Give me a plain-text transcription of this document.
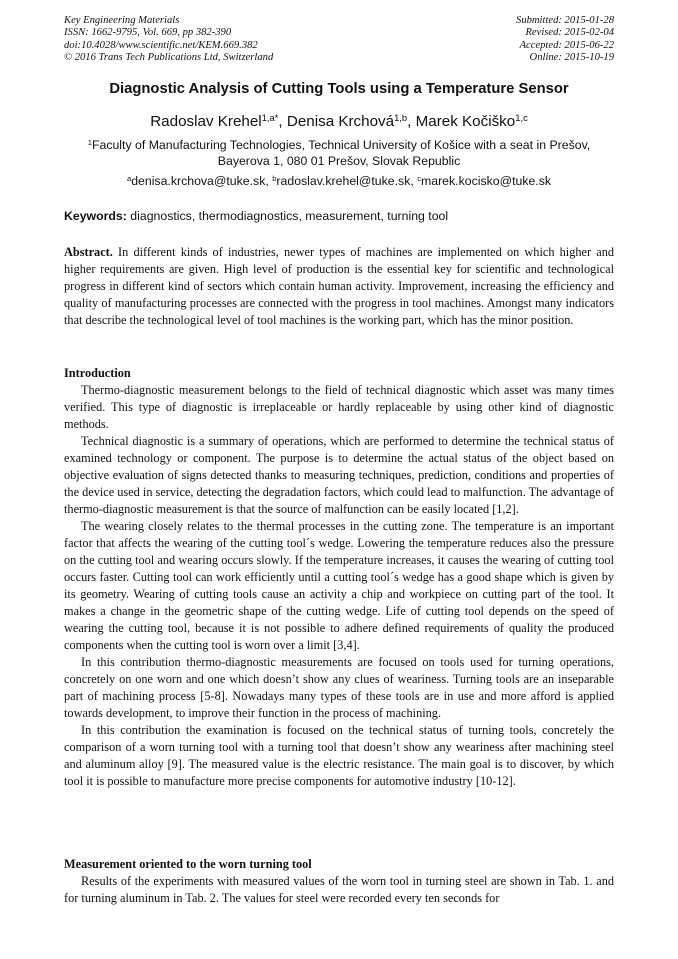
Key Engineering Materials
ISSN: 1662-9795, Vol. 669, pp 382-390
doi:10.4028/www.scientific.net/KEM.669.382
© 2016 Trans Tech Publications Ltd, Switzerland
Submitted: 2015-01-28
Revised: 2015-02-04
Accepted: 2015-06-22
Online: 2015-10-19
Diagnostic Analysis of Cutting Tools using a Temperature Sensor
Radoslav Krehel$^{1,a*}$, Denisa Krchová$^{1,b}$, Marek Kočiško$^{1,c}$
$^1$Faculty of Manufacturing Technologies, Technical University of Košice with a seat in Prešov,
Bayerova 1, 080 01 Prešov, Slovak Republic
$^a$denisa.krchova@tuke.sk, $^b$radoslav.krehel@tuke.sk, $^c$marek.kocisko@tuke.sk
Keywords: diagnostics, thermodiagnostics, measurement, turning tool

Abstract. In different kinds of industries, newer types of machines are implemented on which higher and higher requirements are given. High level of production is the essential key for scientific and technological progress in different kind of sectors which contain human activity. Improvement, increasing the efficiency and quality of manufacturing processes are connected with the progress in tool machines. Amongst many indicators that describe the technological level of tool machines is the working part, which has the minor position.

Introduction

Thermo-diagnostic measurement belongs to the field of technical diagnostic which asset was many times verified. This type of diagnostic is irreplaceable or hardly replaceable by using other kind of diagnostic methods.

Technical diagnostic is a summary of operations, which are performed to determine the technical status of examined technology or component. The purpose is to determine the actual status of the object based on objective evaluation of signs detected thanks to measuring techniques, prediction, conditions and properties of the device used in service, detecting the degradation factors, which could lead to malfunction. The advantage of thermo-diagnostic measurement is that the source of malfunction can be easily located [1,2].

The wearing closely relates to the thermal processes in the cutting zone. The temperature is an important factor that affects the wearing of the cutting tool´s wedge. Lowering the temperature reduces also the pressure on the cutting tool and wearing occurs slowly. If the temperature increases, it causes the wearing of cutting tool occurs faster. Cutting tool can work efficiently until a cutting tool´s wedge has a good shape which is given by its geometry. Wearing of cutting tools cause an activity a chip and workpiece on cutting part of the tool. It makes a change in the geometric shape of the cutting wedge. Life of cutting tool depends on the speed of wearing the cutting tool, because it is not possible to adhere defined requirements of quality the produced components when the cutting tool is worn over a limit [3,4].

In this contribution thermo-diagnostic measurements are focused on tools used for turning operations, concretely on one worn and one which doesn’t show any clues of weariness. Turning tools are an inseparable part of machining process [5-8]. Nowadays many types of these tools are in use and more afford is applied towards development, to improve their function in the process of machining.

In this contribution the examination is focused on the technical status of turning tools, concretely the comparison of a worn turning tool with a turning tool that doesn’t show any weariness after machining steel and aluminum alloy [9]. The measured value is the electric resistance. The main goal is to discover, by which tool it is possible to manufacture more precise components for automotive industry [10-12].

Measurement oriented to the worn turning tool

Results of the experiments with measured values of the worn tool in turning steel are shown in Tab. 1. and for turning aluminum in Tab. 2. The values for steel were recorded every ten seconds for
